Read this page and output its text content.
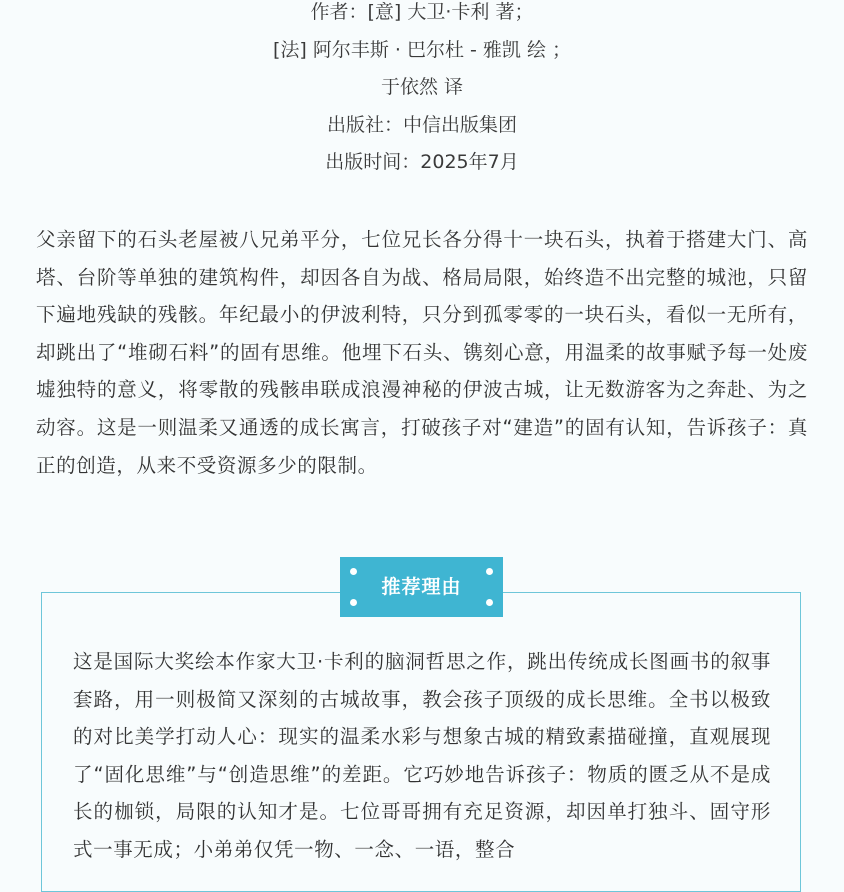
作者：[意] 大卫·卡利 著；
[法] 阿尔丰斯 · 巴尔杜 - 雅凯 绘 ；
于依然 译
出版社：中信出版集团
出版时间：2025年7月

父亲留下的石头老屋被八兄弟平分，七位兄长各分得十一块石头，执着于搭建大门、高塔、台阶等单独的建筑构件，却因各自为战、格局局限，始终造不出完整的城池，只留下遍地残缺的残骸。年纪最小的伊波利特，只分到孤零零的一块石头，看似一无所有，却跳出了“堆砌石料”的固有思维。他埋下石头、镌刻心意，用温柔的故事赋予每一处废墟独特的意义，将零散的残骸串联成浪漫神秘的伊波古城，让无数游客为之奔赴、为之动容。这是一则温柔又通透的成长寓言，打破孩子对“建造”的固有认知，告诉孩子：真正的创造，从来不受资源多少的限制。

这是国际大奖绘本作家大卫·卡利的脑洞哲思之作，跳出传统成长图画书的叙事套路，用一则极简又深刻的古城故事，教会孩子顶级的成长思维。全书以极致的对比美学打动人心：现实的温柔水彩与想象古城的精致素描碰撞，直观展现了“固化思维”与“创造思维”的差距。它巧妙地告诉孩子：物质的匮乏从不是成长的枷锁，局限的认知才是。七位哥哥拥有充足资源，却因单打独斗、固守形式一事无成；小弟弟仅凭一物、一念、一语，整合

推荐理由
